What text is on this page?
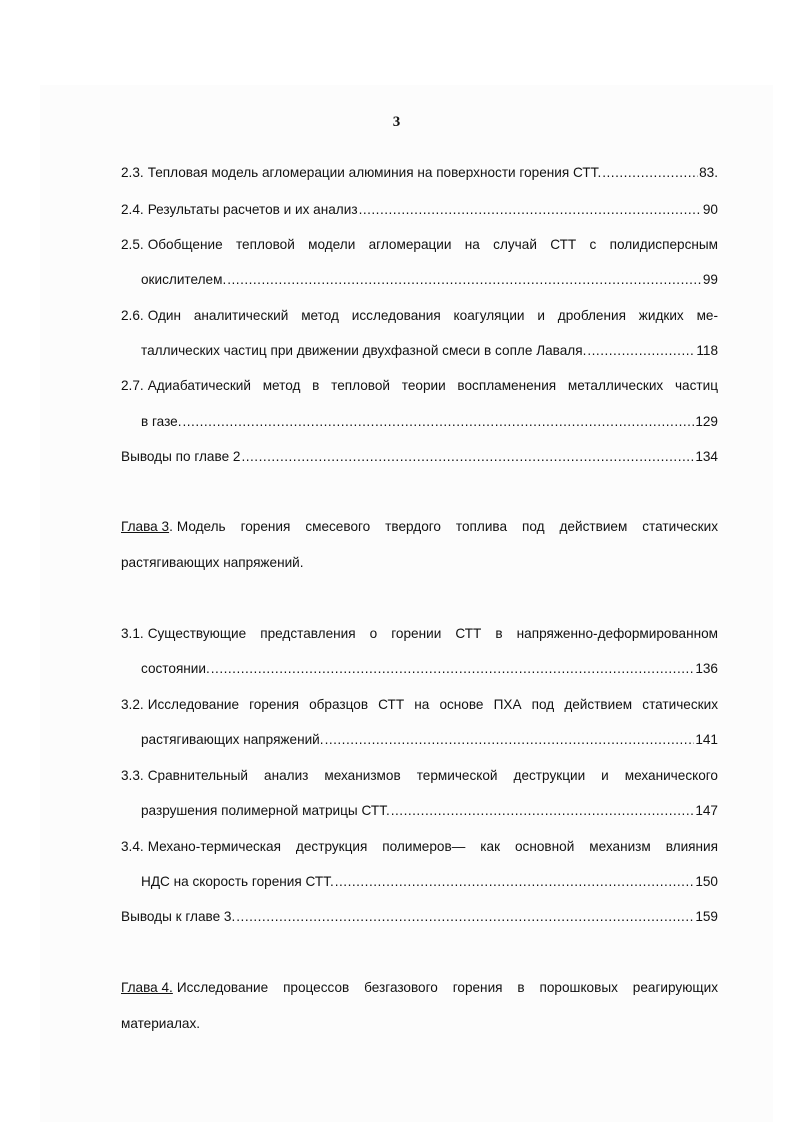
3
2.3. Тепловая модель агломерации алюминия на поверхности горения СТТ. .....	83.
2.4. Результаты расчетов и их анализ .....	90
2.5. Обобщение тепловой модели агломерации на случай СТТ с полидисперсным
окислителем. .....	99
2.6. Один аналитический метод исследования коагуляции и дробления жидких ме-
таллических частиц при движении двухфазной смеси в сопле Лаваля. .....	118
2.7. Адиабатический метод в тепловой теории воспламенения металлических частиц
в газе. .....	129
Выводы по главе 2 .....	134
Глава 3. Модель горения смесевого твердого топлива под действием статических
растягивающих напряжений.
3.1. Существующие представления о горении СТТ в напряженно-деформированном
состоянии. .....	136
3.2. Исследование горения образцов СТТ на основе ПХА под действием статических
растягивающих напряжений. .....	141
3.3. Сравнительный анализ механизмов термической деструкции и механического
разрушения полимерной матрицы СТТ. .....	147
3.4. Механо-термическая деструкция полимеров— как основной механизм влияния
НДС на скорость горения СТТ. .....	150
Выводы к главе 3. .....	159
Глава 4. Исследование процессов безгазового горения в порошковых реагирующих
материалах.
